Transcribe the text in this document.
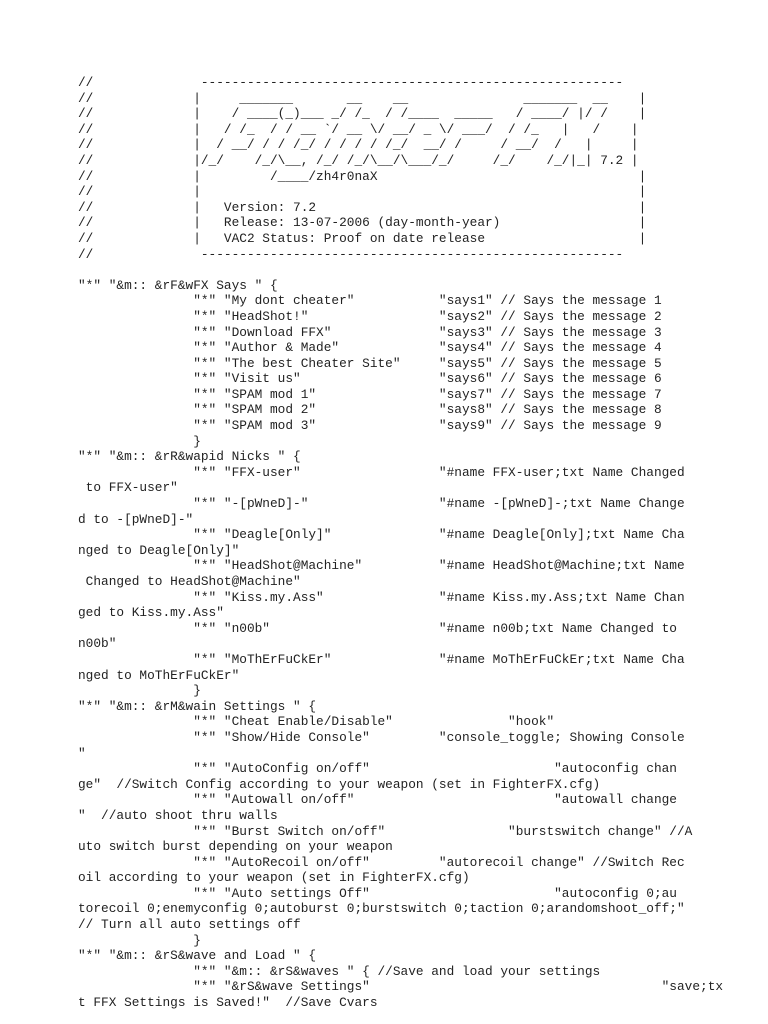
//              -------------------------------------------------------
//             |     _______       __    __               _______  __    |
//             |    / ____(_)___ _/ /_  / /____  _____   / ____/ |/ /    |
//             |   / /_  / / __ `/ __ \/ __/ _ \/ ___/  / /_   |   /    |
//             |  / __/ / / /_/ / / / / /_/  __/ /     / __/  /   |     |
//             |/_/    /_/\__, /_/ /_/\__/\___/_/     /_/    /_/|_| 7.2 |
//             |         /____/zh4r0naX                                  |
//             |                                                         |
//             |   Version: 7.2                                          |
//             |   Release: 13-07-2006 (day-month-year)                  |
//             |   VAC2 Status: Proof on date release                    |
//              -------------------------------------------------------

"*" "&m:: &rF&wFX Says " {
"*" "My dont cheater"           "says1" // Says the message 1
"*" "HeadShot!"                 "says2" // Says the message 2
"*" "Download FFX"              "says3" // Says the message 3
"*" "Author & Made"             "says4" // Says the message 4
"*" "The best Cheater Site"     "says5" // Says the message 5
"*" "Visit us"                  "says6" // Says the message 6
"*" "SPAM mod 1"                "says7" // Says the message 7
"*" "SPAM mod 2"                "says8" // Says the message 8
"*" "SPAM mod 3"                "says9" // Says the message 9
}
"*" "&m:: &rR&wapid Nicks " {
"*" "FFX-user"                  "#name FFX-user;txt Name Changed
to FFX-user"
"*" "-[pWneD]-"                 "#name -[pWneD]-;txt Name Change
d to -[pWneD]-"
"*" "Deagle[Only]"              "#name Deagle[Only];txt Name Cha
nged to Deagle[Only]"
"*" "HeadShot@Machine"          "#name HeadShot@Machine;txt Name
Changed to HeadShot@Machine"
"*" "Kiss.my.Ass"               "#name Kiss.my.Ass;txt Name Chan
ged to Kiss.my.Ass"
"*" "n00b"                      "#name n00b;txt Name Changed to
n00b"
"*" "MoThErFuCkEr"              "#name MoThErFuCkEr;txt Name Cha
nged to MoThErFuCkEr"
}
"*" "&m:: &rM&wain Settings " {
"*" "Cheat Enable/Disable"               "hook"
"*" "Show/Hide Console"         "console_toggle; Showing Console
"
"*" "AutoConfig on/off"                        "autoconfig chan
ge"  //Switch Config according to your weapon (set in FighterFX.cfg)
"*" "Autowall on/off"                          "autowall change
"  //auto shoot thru walls
"*" "Burst Switch on/off"                "burstswitch change" //A
uto switch burst depending on your weapon
"*" "AutoRecoil on/off"         "autorecoil change" //Switch Rec
oil according to your weapon (set in FighterFX.cfg)
"*" "Auto settings Off"                        "autoconfig 0;au
torecoil 0;enemyconfig 0;autoburst 0;burstswitch 0;taction 0;arandomshoot_off;"
// Turn all auto settings off
}
"*" "&m:: &rS&wave and Load " {
"*" "&m:: &rS&waves " { //Save and load your settings
"*" "&rS&wave Settings"                                      "save;tx
t FFX Settings is Saved!"  //Save Cvars
